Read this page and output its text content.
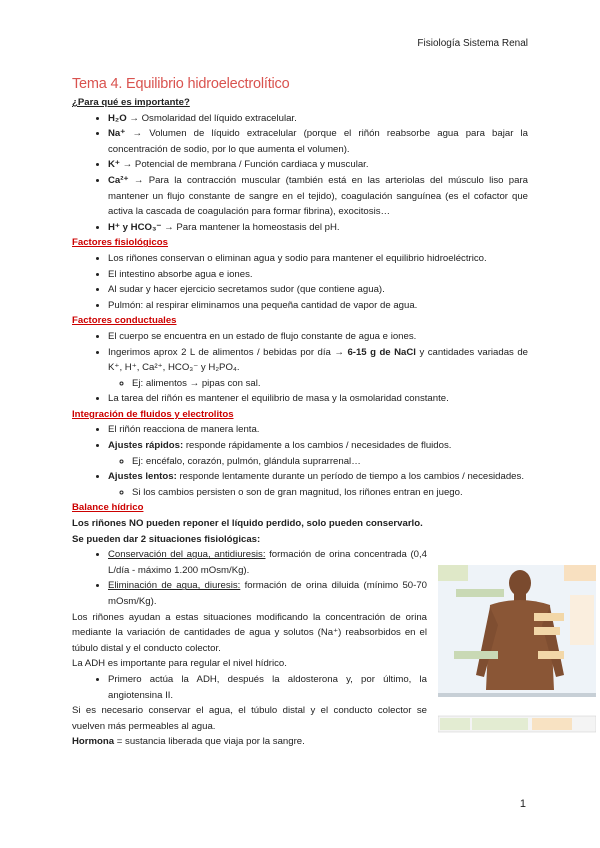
Fisiología Sistema Renal
Tema 4. Equilibrio hidroelectrolítico
¿Para qué es importante?
• H₂O → Osmolaridad del líquido extracelular.
• Na⁺ → Volumen de líquido extracelular (porque el riñón reabsorbe agua para bajar la concentración de sodio, por lo que aumenta el volumen).
• K⁺ → Potencial de membrana / Función cardiaca y muscular.
• Ca²⁺ → Para la contracción muscular (también está en las arteriolas del músculo liso para mantener un flujo constante de sangre en el tejido), coagulación sanguínea (es el cofactor que activa la cascada de coagulación para formar fibrina), exocitosis…
• H⁺ y HCO₃⁻ → Para mantener la homeostasis del pH.
Factores fisiológicos
• Los riñones conservan o eliminan agua y sodio para mantener el equilibrio hidroeléctrico.
• El intestino absorbe agua e iones.
• Al sudar y hacer ejercicio secretamos sudor (que contiene agua).
• Pulmón: al respirar eliminamos una pequeña cantidad de vapor de agua.
Factores conductuales
• El cuerpo se encuentra en un estado de flujo constante de agua e iones.
• Ingerimos aprox 2 L de alimentos / bebidas por día → 6-15 g de NaCl y cantidades variadas de K⁺, H⁺, Ca²⁺, HCO₃⁻ y H₂PO₄.
◦ Ej: alimentos → pipas con sal.
• La tarea del riñón es mantener el equilibrio de masa y la osmolaridad constante.
Integración de fluidos y electrolitos
• El riñón reacciona de manera lenta.
• Ajustes rápidos: responde rápidamente a los cambios / necesidades de fluidos.
◦ Ej: encéfalo, corazón, pulmón, glándula suprarrenal…
• Ajustes lentos: responde lentamente durante un período de tiempo a los cambios / necesidades.
◦ Si los cambios persisten o son de gran magnitud, los riñones entran en juego.
Balance hídrico

Los riñones NO pueden reponer el líquido perdido, solo pueden conservarlo.

Se pueden dar 2 situaciones fisiológicas:

• Conservación del agua, antidiuresis: formación de orina concentrada (0,4 L/día - máximo 1.200 mOsm/Kg).
• Eliminación de agua, diuresis: formación de orina diluida (mínimo 50-70 mOsm/Kg).

Los riñones ayudan a estas situaciones modificando la concentración de orina mediante la variación de cantidades de agua y solutos (Na⁺) reabsorbidos en el túbulo distal y el conducto colector.

La ADH es importante para regular el nivel hídrico.

• Primero actúa la ADH, después la aldosterona y, por último, la angiotensina II.

Si es necesario conservar el agua, el túbulo distal y el conducto colector se vuelven más permeables al agua.

Hormona = sustancia liberada que viaja por la sangre.

1
